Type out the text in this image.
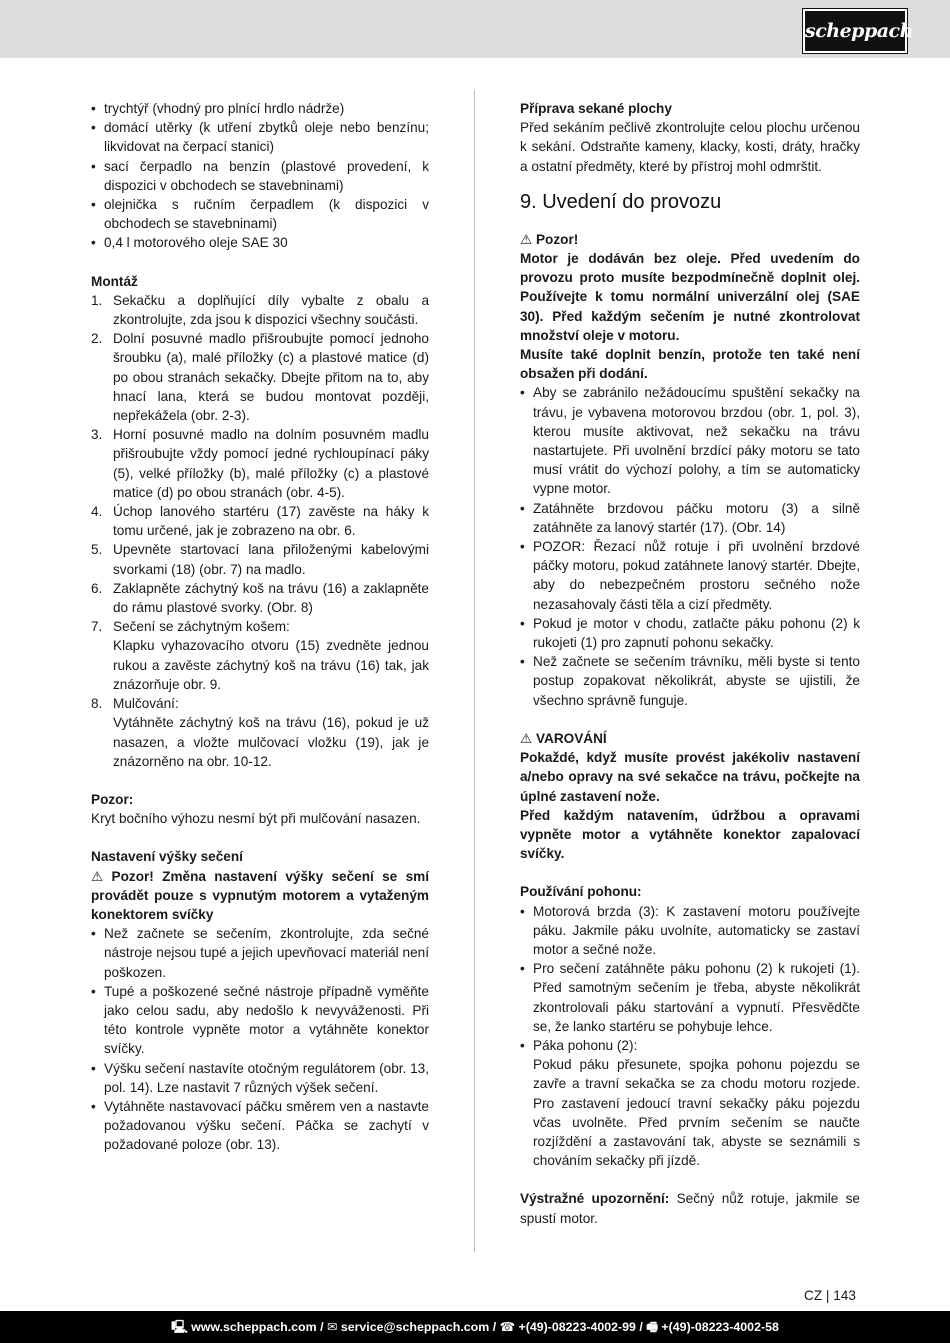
scheppach
• trychtýř (vhodný pro plnící hrdlo nádrže)
• domácí utěrky (k utření zbytků oleje nebo benzínu; likvidovat na čerpací stanici)
• sací čerpadlo na benzín (plastové provedení, k dispozici v obchodech se stavebninami)
• olejnička s ručním čerpadlem (k dispozici v obchodech se stavebninami)
• 0,4 l motorového oleje SAE 30

Montáž

1. Sekačku a doplňující díly vybalte z obalu a zkontrolujte, zda jsou k dispozici všechny součásti.
2. Dolní posuvné madlo přišroubujte pomocí jednoho šroubku (a), malé příložky (c) a plastové matice (d) po obou stranách sekačky. Dbejte přitom na to, aby hnací lana, která se budou montovat později, nepřekážela (obr. 2-3).
3. Horní posuvné madlo na dolním posuvném madlu přišroubujte vždy pomocí jedné rychloupínací páky (5), velké příložky (b), malé příložky (c) a plastové matice (d) po obou stranách (obr. 4-5).
4. Úchop lanového startéru (17) zavěste na háky k tomu určené, jak je zobrazeno na obr. 6.
5. Upevněte startovací lana přiloženými kabelovými svorkami (18) (obr. 7) na madlo.
6. Zaklapněte záchytný koš na trávu (16) a zaklapněte do rámu plastové svorky. (Obr. 8)
7. Sečení se záchytným košem:
Klapku vyhazovacího otvoru (15) zvedněte jednou rukou a zavěste záchytný koš na trávu (16) tak, jak znázorňuje obr. 9.
8. Mulčování:
Vytáhněte záchytný koš na trávu (16), pokud je už nasazen, a vložte mulčovací vložku (19), jak je znázorněno na obr. 10-12.

Pozor:

Kryt bočního výhozu nesmí být při mulčování nasazen.

Nastavení výšky sečení

⚠ Pozor! Změna nastavení výšky sečení se smí provádět pouze s vypnutým motorem a vytaženým konektorem svíčky

• Než začnete se sečením, zkontrolujte, zda sečné nástroje nejsou tupé a jejich upevňovací materiál není poškozen.
• Tupé a poškozené sečné nástroje případně vyměňte jako celou sadu, aby nedošlo k nevyváženosti. Při této kontrole vypněte motor a vytáhněte konektor svíčky.
• Výšku sečení nastavíte otočným regulátorem (obr. 13, pol. 14). Lze nastavit 7 různých výšek sečení.
• Vytáhněte nastavovací páčku směrem ven a nastavte požadovanou výšku sečení. Páčka se zachytí v požadované poloze (obr. 13).

Příprava sekané plochy

Před sekáním pečlivě zkontrolujte celou plochu určenou k sekání. Odstraňte kameny, klacky, kosti, dráty, hračky a ostatní předměty, které by přístroj mohl odmrštit.

9. Uvedení do provozu

⚠ Pozor!

Motor je dodáván bez oleje. Před uvedením do provozu proto musíte bezpodmínečně doplnit olej. Používejte k tomu normální univerzální olej (SAE 30). Před každým sečením je nutné zkontrolovat množství oleje v motoru.

Musíte také doplnit benzín, protože ten také není obsažen při dodání.

• Aby se zabránilo nežádoucímu spuštění sekačky na trávu, je vybavena motorovou brzdou (obr. 1, pol. 3), kterou musíte aktivovat, než sekačku na trávu nastartujete. Při uvolnění brzdící páky motoru se tato musí vrátit do výchozí polohy, a tím se automaticky vypne motor.
• Zatáhněte brzdovou páčku motoru (3) a silně zatáhněte za lanový startér (17). (Obr. 14)
• POZOR: Řezací nůž rotuje i při uvolnění brzdové páčky motoru, pokud zatáhnete lanový startér. Dbejte, aby do nebezpečném prostoru sečného nože nezasahovaly části těla a cizí předměty.
• Pokud je motor v chodu, zatlačte páku pohonu (2) k rukojeti (1) pro zapnutí pohonu sekačky.
• Než začnete se sečením trávníku, měli byste si tento postup zopakovat několikrát, abyste se ujistili, že všechno správně funguje.

⚠ VAROVÁNÍ

Pokaždé, když musíte provést jakékoliv nastavení a/nebo opravy na své sekačce na trávu, počkejte na úplné zastavení nože.

Před každým natavením, údržbou a opravami vypněte motor a vytáhněte konektor zapalovací svíčky.

Používání pohonu:

• Motorová brzda (3): K zastavení motoru používejte páku. Jakmile páku uvolníte, automaticky se zastaví motor a sečné nože.
• Pro sečení zatáhněte páku pohonu (2) k rukojeti (1). Před samotným sečením je třeba, abyste několikrát zkontrolovali páku startování a vypnutí. Přesvědčte se, že lanko startéru se pohybuje lehce.
• Páka pohonu (2):
Pokud páku přesunete, spojka pohonu pojezdu se zavře a travní sekačka se za chodu motoru rozjede. Pro zastavení jedoucí travní sekačky páku pojezdu včas uvolněte. Před prvním sečením se naučte rozjíždění a zastavování tak, abyste se seznámili s chováním sekačky při jízdě.

Výstražné upozornění: Sečný nůž rotuje, jakmile se spustí motor.

CZ | 143
🖳 www.scheppach.com / ✉ service@scheppach.com / ☎ +(49)-08223-4002-99 / 🖷 +(49)-08223-4002-58
